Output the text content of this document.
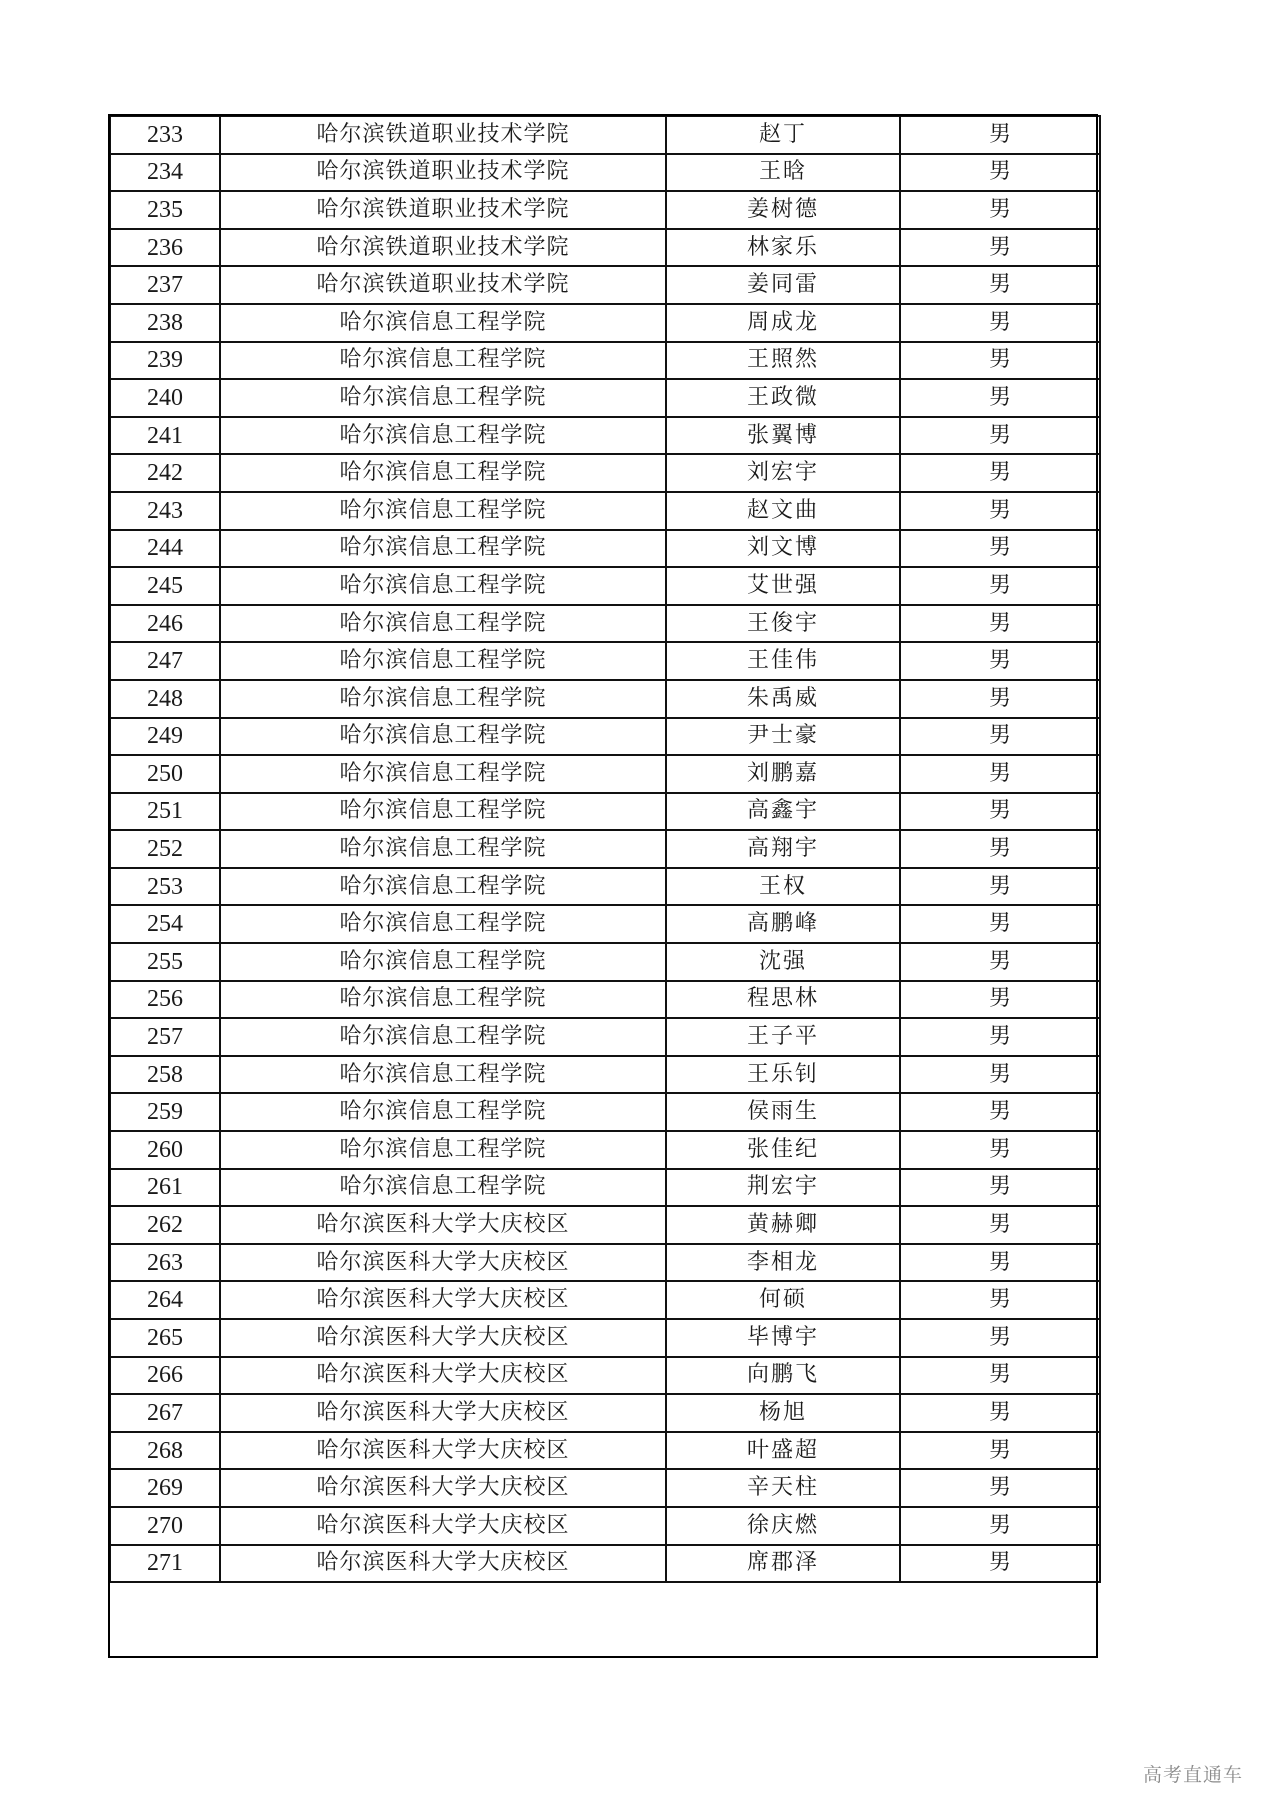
233	哈尔滨铁道职业技术学院	赵丁	男
234	哈尔滨铁道职业技术学院	王晗	男
235	哈尔滨铁道职业技术学院	姜树德	男
236	哈尔滨铁道职业技术学院	林家乐	男
237	哈尔滨铁道职业技术学院	姜同雷	男
238	哈尔滨信息工程学院	周成龙	男
239	哈尔滨信息工程学院	王照然	男
240	哈尔滨信息工程学院	王政微	男
241	哈尔滨信息工程学院	张翼博	男
242	哈尔滨信息工程学院	刘宏宇	男
243	哈尔滨信息工程学院	赵文曲	男
244	哈尔滨信息工程学院	刘文博	男
245	哈尔滨信息工程学院	艾世强	男
246	哈尔滨信息工程学院	王俊宇	男
247	哈尔滨信息工程学院	王佳伟	男
248	哈尔滨信息工程学院	朱禹威	男
249	哈尔滨信息工程学院	尹士豪	男
250	哈尔滨信息工程学院	刘鹏嘉	男
251	哈尔滨信息工程学院	高鑫宇	男
252	哈尔滨信息工程学院	高翔宇	男
253	哈尔滨信息工程学院	王权	男
254	哈尔滨信息工程学院	高鹏峰	男
255	哈尔滨信息工程学院	沈强	男
256	哈尔滨信息工程学院	程思林	男
257	哈尔滨信息工程学院	王子平	男
258	哈尔滨信息工程学院	王乐钊	男
259	哈尔滨信息工程学院	侯雨生	男
260	哈尔滨信息工程学院	张佳纪	男
261	哈尔滨信息工程学院	荆宏宇	男
262	哈尔滨医科大学大庆校区	黄赫卿	男
263	哈尔滨医科大学大庆校区	李相龙	男
264	哈尔滨医科大学大庆校区	何硕	男
265	哈尔滨医科大学大庆校区	毕博宇	男
266	哈尔滨医科大学大庆校区	向鹏飞	男
267	哈尔滨医科大学大庆校区	杨旭	男
268	哈尔滨医科大学大庆校区	叶盛超	男
269	哈尔滨医科大学大庆校区	辛天柱	男
270	哈尔滨医科大学大庆校区	徐庆燃	男
271	哈尔滨医科大学大庆校区	席郡泽	男
高考直通车
